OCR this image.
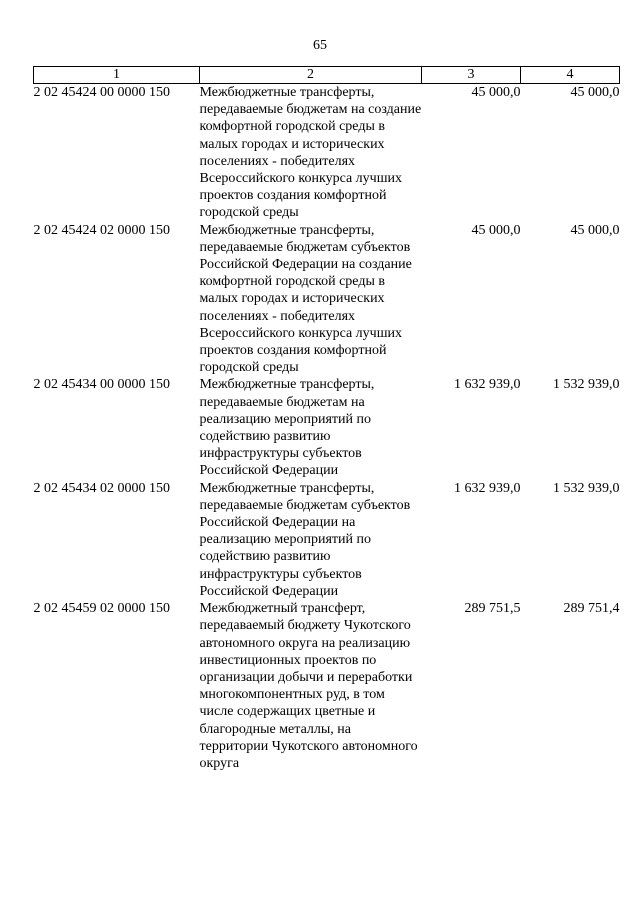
65
1	2	3	4
2 02 45424 00 0000 150	Межбюджетные трансферты, передаваемые бюджетам на создание комфортной городской среды в малых городах и исторических поселениях - победителях Всероссийского конкурса лучших проектов создания комфортной городской среды	45 000,0	45 000,0
2 02 45424 02 0000 150	Межбюджетные трансферты, передаваемые бюджетам субъектов Российской Федерации на создание комфортной городской среды в малых городах и исторических поселениях - победителях Всероссийского конкурса лучших проектов создания комфортной городской среды	45 000,0	45 000,0
2 02 45434 00 0000 150	Межбюджетные трансферты, передаваемые бюджетам на реализацию мероприятий по содействию развитию инфраструктуры субъектов Российской Федерации	1 632 939,0	1 532 939,0
2 02 45434 02 0000 150	Межбюджетные трансферты, передаваемые бюджетам субъектов Российской Федерации на реализацию мероприятий по содействию развитию инфраструктуры субъектов Российской Федерации	1 632 939,0	1 532 939,0
2 02 45459 02 0000 150	Межбюджетный трансферт, передаваемый бюджету Чукотского автономного округа на реализацию инвестиционных проектов по организации добычи и переработки многокомпонентных руд, в том числе содержащих цветные и благородные металлы, на территории Чукотского автономного округа	289 751,5	289 751,4
